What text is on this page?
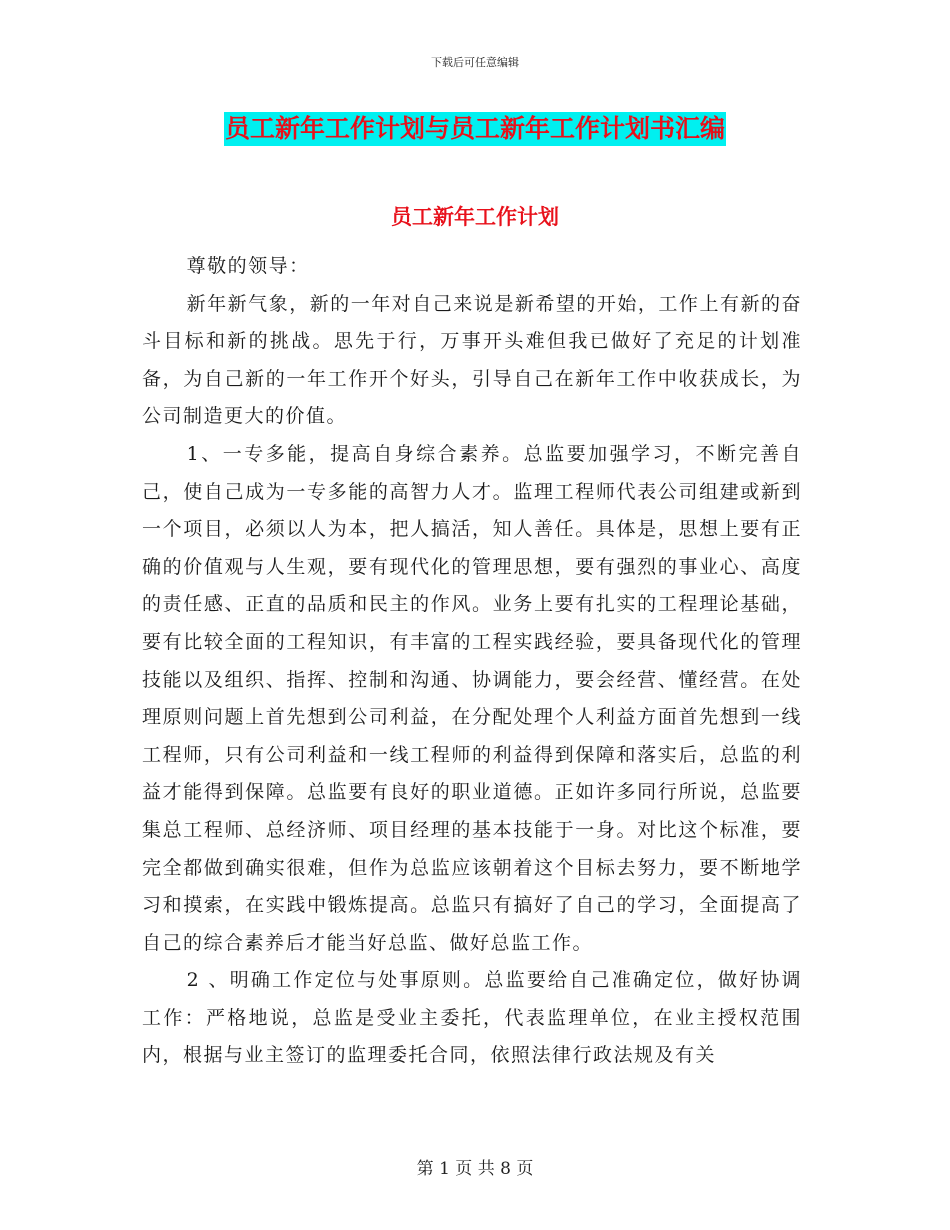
下载后可任意编辑
员工新年工作计划与员工新年工作计划书汇编
员工新年工作计划

尊敬的领导：

新年新气象，新的一年对自己来说是新希望的开始，工作上有新的奋斗目标和新的挑战。思先于行，万事开头难但我已做好了充足的计划准备，为自己新的一年工作开个好头，引导自己在新年工作中收获成长，为公司制造更大的价值。

1、一专多能，提高自身综合素养。总监要加强学习，不断完善自己，使自己成为一专多能的高智力人才。监理工程师代表公司组建或新到一个项目，必须以人为本，把人搞活，知人善任。具体是，思想上要有正确的价值观与人生观，要有现代化的管理思想，要有强烈的事业心、高度的责任感、正直的品质和民主的作风。业务上要有扎实的工程理论基础，要有比较全面的工程知识，有丰富的工程实践经验，要具备现代化的管理技能以及组织、指挥、控制和沟通、协调能力，要会经营、懂经营。在处理原则问题上首先想到公司利益，在分配处理个人利益方面首先想到一线工程师，只有公司利益和一线工程师的利益得到保障和落实后，总监的利益才能得到保障。总监要有良好的职业道德。正如许多同行所说，总监要集总工程师、总经济师、项目经理的基本技能于一身。对比这个标准，要完全都做到确实很难，但作为总监应该朝着这个目标去努力，要不断地学习和摸索，在实践中锻炼提高。总监只有搞好了自己的学习，全面提高了自己的综合素养后才能当好总监、做好总监工作。

2 、明确工作定位与处事原则。总监要给自己准确定位，做好协调工作：严格地说，总监是受业主委托，代表监理单位，在业主授权范围内，根据与业主签订的监理委托合同，依照法律行政法规及有关

第 1 页 共 8 页
